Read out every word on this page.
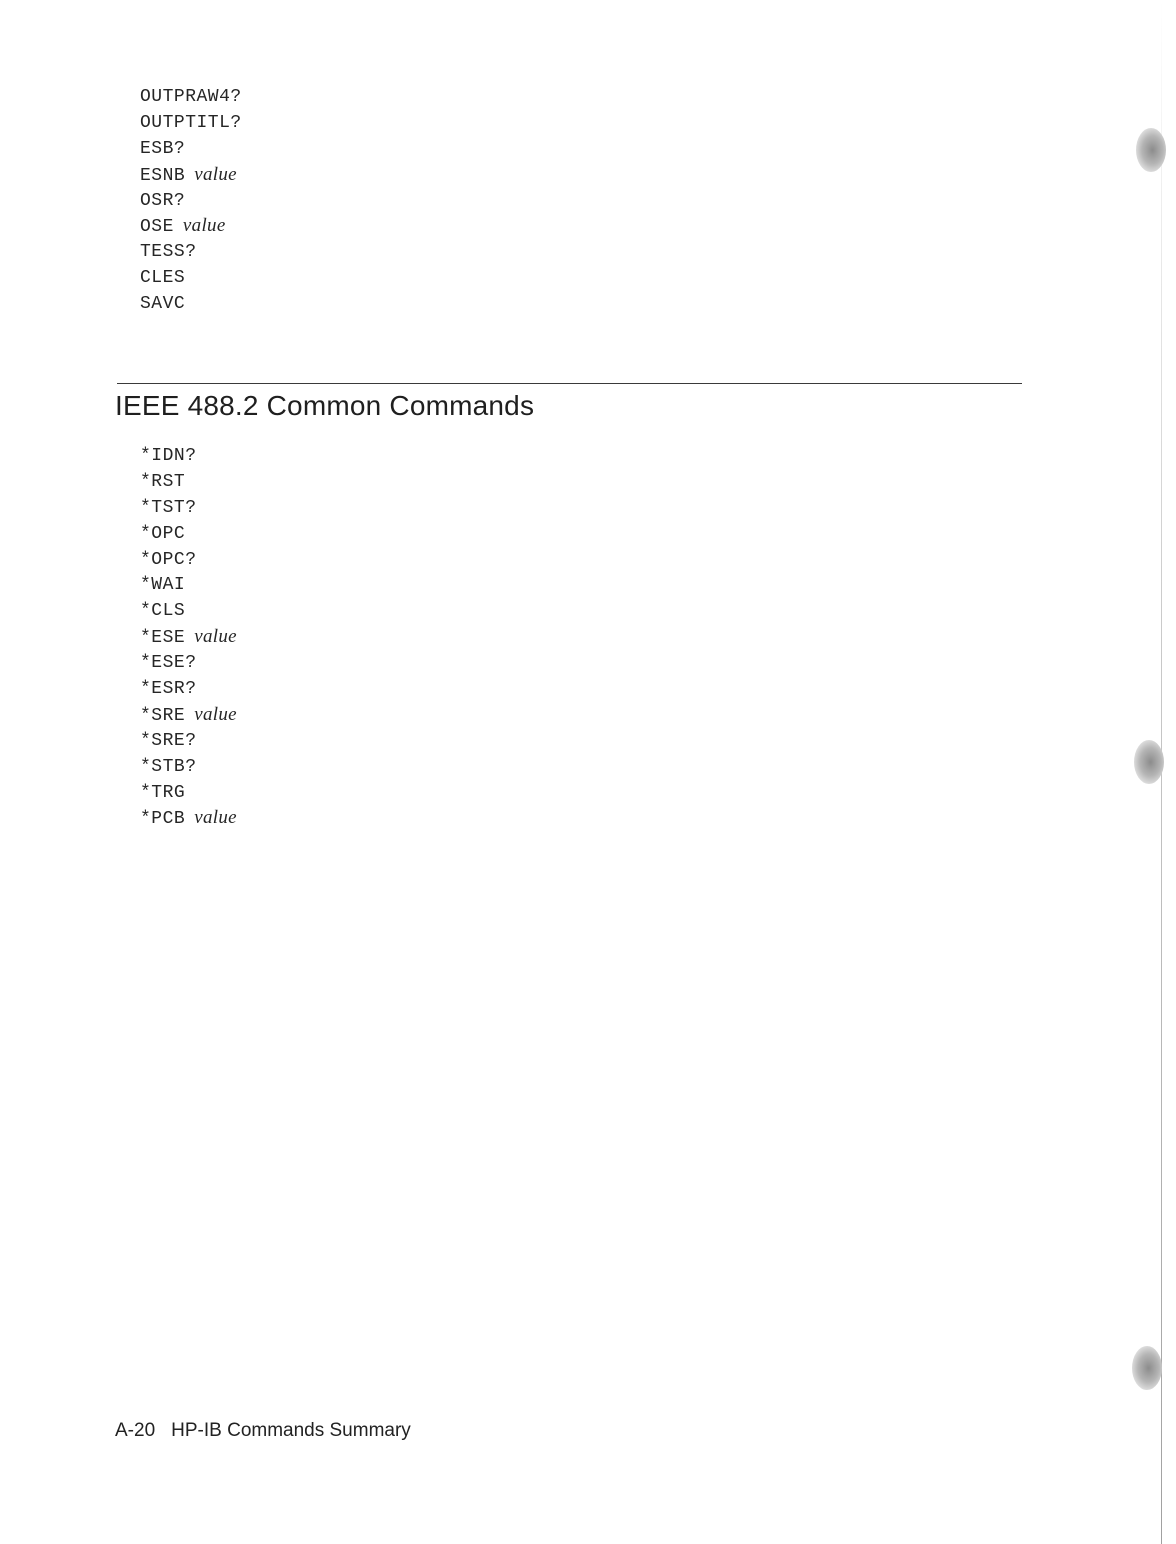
OUTPRAW4?
OUTPTITL?
ESB?
ESNB value
OSR?
OSE value
TESS?
CLES
SAVC
IEEE 488.2 Common Commands
*IDN?
*RST
*TST?
*OPC
*OPC?
*WAI
*CLS
*ESE value
*ESE?
*ESR?
*SRE value
*SRE?
*STB?
*TRG
*PCB value
A-20 HP-IB Commands Summary
